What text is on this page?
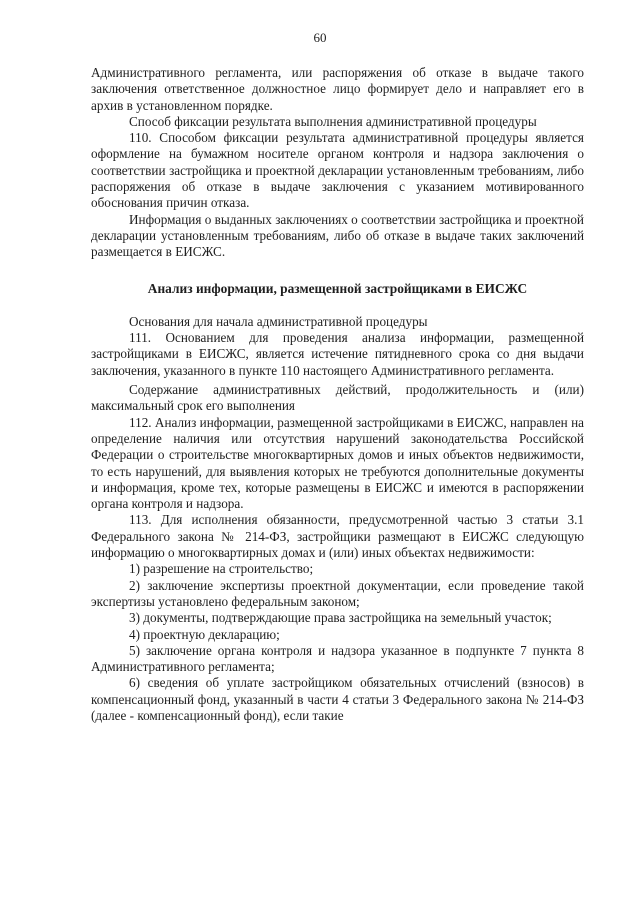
60

Административного регламента, или распоряжения об отказе в выдаче такого заключения ответственное должностное лицо формирует дело и направляет его в архив в установленном порядке.

Способ фиксации результата выполнения административной процедуры

110. Способом фиксации результата административной процедуры является оформление на бумажном носителе органом контроля и надзора заключения о соответствии застройщика и проектной декларации установленным требованиям, либо распоряжения об отказе в выдаче заключения с указанием мотивированного обоснования причин отказа.

Информация о выданных заключениях о соответствии застройщика и проектной декларации установленным требованиям, либо об отказе в выдаче таких заключений размещается в ЕИСЖС.

Анализ информации, размещенной застройщиками в ЕИСЖС

Основания для начала административной процедуры

111. Основанием для проведения анализа информации, размещенной застройщиками в ЕИСЖС, является истечение пятидневного срока со дня выдачи заключения, указанного в пункте 110 настоящего Административного регламента.

Содержание административных действий, продолжительность и (или) максимальный срок его выполнения

112. Анализ информации, размещенной застройщиками в ЕИСЖС, направлен на определение наличия или отсутствия нарушений законодательства Российской Федерации о строительстве многоквартирных домов и иных объектов недвижимости, то есть нарушений, для выявления которых не требуются дополнительные документы и информация, кроме тех, которые размещены в ЕИСЖС и имеются в распоряжении органа контроля и надзора.

113. Для исполнения обязанности, предусмотренной частью 3 статьи 3.1 Федерального закона № 214-ФЗ, застройщики размещают в ЕИСЖС следующую информацию о многоквартирных домах и (или) иных объектах недвижимости:

1) разрешение на строительство;

2) заключение экспертизы проектной документации, если проведение такой экспертизы установлено федеральным законом;

3) документы, подтверждающие права застройщика на земельный участок;

4) проектную декларацию;

5) заключение органа контроля и надзора указанное в подпункте 7 пункта 8 Административного регламента;

6) сведения об уплате застройщиком обязательных отчислений (взносов) в компенсационный фонд, указанный в части 4 статьи 3 Федерального закона № 214-ФЗ (далее - компенсационный фонд), если такие
